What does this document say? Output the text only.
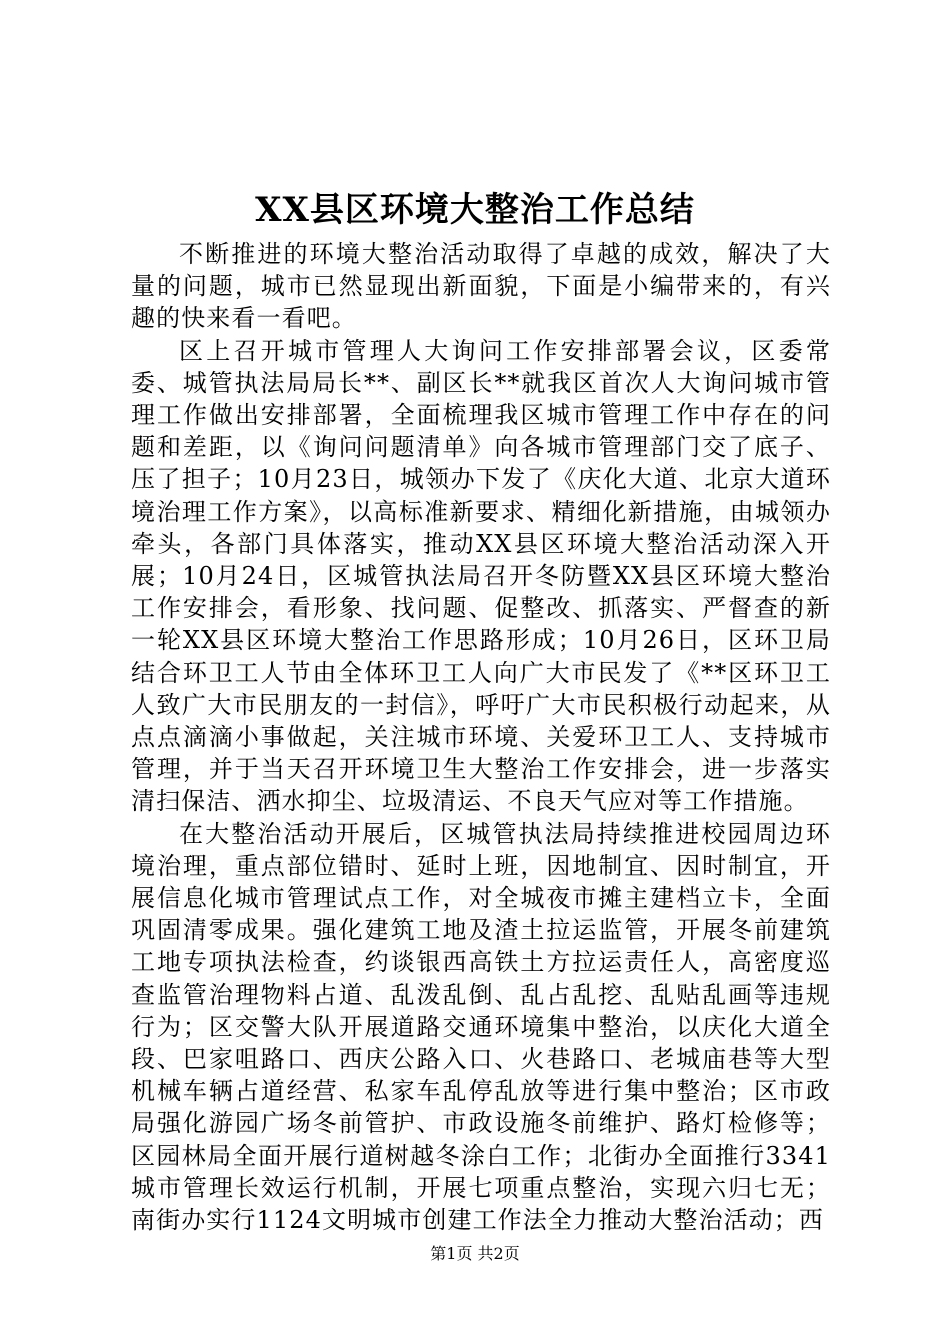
XX县区环境大整治工作总结

不断推进的环境大整治活动取得了卓越的成效，解决了大量的问题，城市已然显现出新面貌，下面是小编带来的，有兴趣的快来看一看吧。

区上召开城市管理人大询问工作安排部署会议，区委常委、城管执法局局长**、副区长**就我区首次人大询问城市管理工作做出安排部署，全面梳理我区城市管理工作中存在的问题和差距，以《询问问题清单》向各城市管理部门交了底子、压了担子；10月23日，城领办下发了《庆化大道、北京大道环境治理工作方案》，以高标准新要求、精细化新措施，由城领办牵头，各部门具体落实，推动XX县区环境大整治活动深入开展；10月24日，区城管执法局召开冬防暨XX县区环境大整治工作安排会，看形象、找问题、促整改、抓落实、严督查的新一轮XX县区环境大整治工作思路形成；10月26日，区环卫局结合环卫工人节由全体环卫工人向广大市民发了《**区环卫工人致广大市民朋友的一封信》，呼吁广大市民积极行动起来，从点点滴滴小事做起，关注城市环境、关爱环卫工人、支持城市管理，并于当天召开环境卫生大整治工作安排会，进一步落实清扫保洁、洒水抑尘、垃圾清运、不良天气应对等工作措施。

在大整治活动开展后，区城管执法局持续推进校园周边环境治理，重点部位错时、延时上班，因地制宜、因时制宜，开展信息化城市管理试点工作，对全城夜市摊主建档立卡，全面巩固清零成果。强化建筑工地及渣土拉运监管，开展冬前建筑工地专项执法检查，约谈银西高铁土方拉运责任人，高密度巡查监管治理物料占道、乱泼乱倒、乱占乱挖、乱贴乱画等违规行为；区交警大队开展道路交通环境集中整治，以庆化大道全段、巴家咀路口、西庆公路入口、火巷路口、老城庙巷等大型机械车辆占道经营、私家车乱停乱放等进行集中整治；区市政局强化游园广场冬前管护、市政设施冬前维护、路灯检修等；区园林局全面开展行道树越冬涂白工作；北街办全面推行3341城市管理长效运行机制，开展七项重点整治，实现六归七无；南街办实行1124文明城市创建工作法全力推动大整治活动；西

第1页 共2页
